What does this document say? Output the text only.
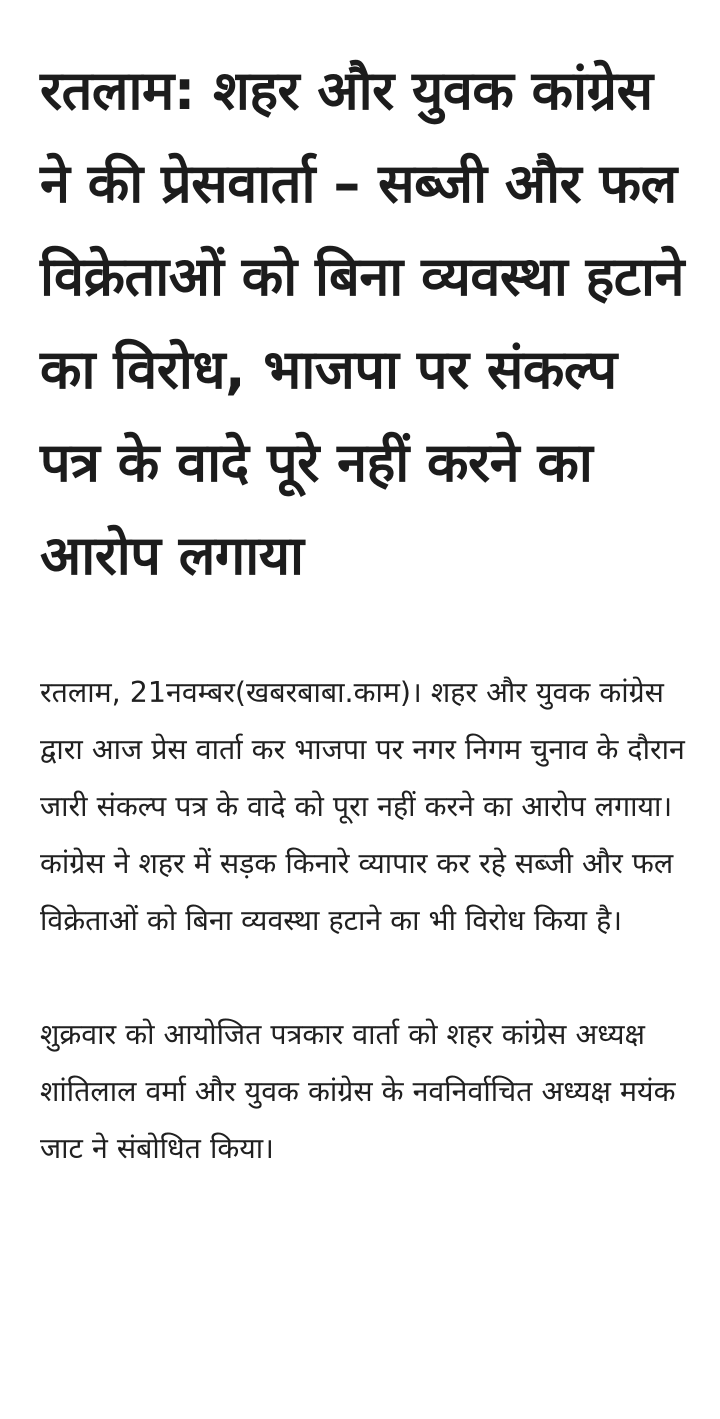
रतलाम: शहर और युवक कांग्रेस ने की प्रेसवार्ता – सब्जी और फल विक्रेताओं को बिना व्यवस्था हटाने का विरोध, भाजपा पर संकल्प पत्र के वादे पूरे नहीं करने का आरोप लगाया

रतलाम, 21नवम्बर(खबरबाबा.काम)। शहर और युवक कांग्रेस द्वारा आज प्रेस वार्ता कर भाजपा पर नगर निगम चुनाव के दौरान जारी संकल्प पत्र के वादे को पूरा नहीं करने का आरोप लगाया। कांग्रेस ने शहर में सड़क किनारे व्यापार कर रहे सब्जी और फल विक्रेताओं को बिना व्यवस्था हटाने का भी विरोध किया है।

शुक्रवार को आयोजित पत्रकार वार्ता को शहर कांग्रेस अध्यक्ष शांतिलाल वर्मा और युवक कांग्रेस के नवनिर्वाचित अध्यक्ष मयंक जाट ने संबोधित किया।
